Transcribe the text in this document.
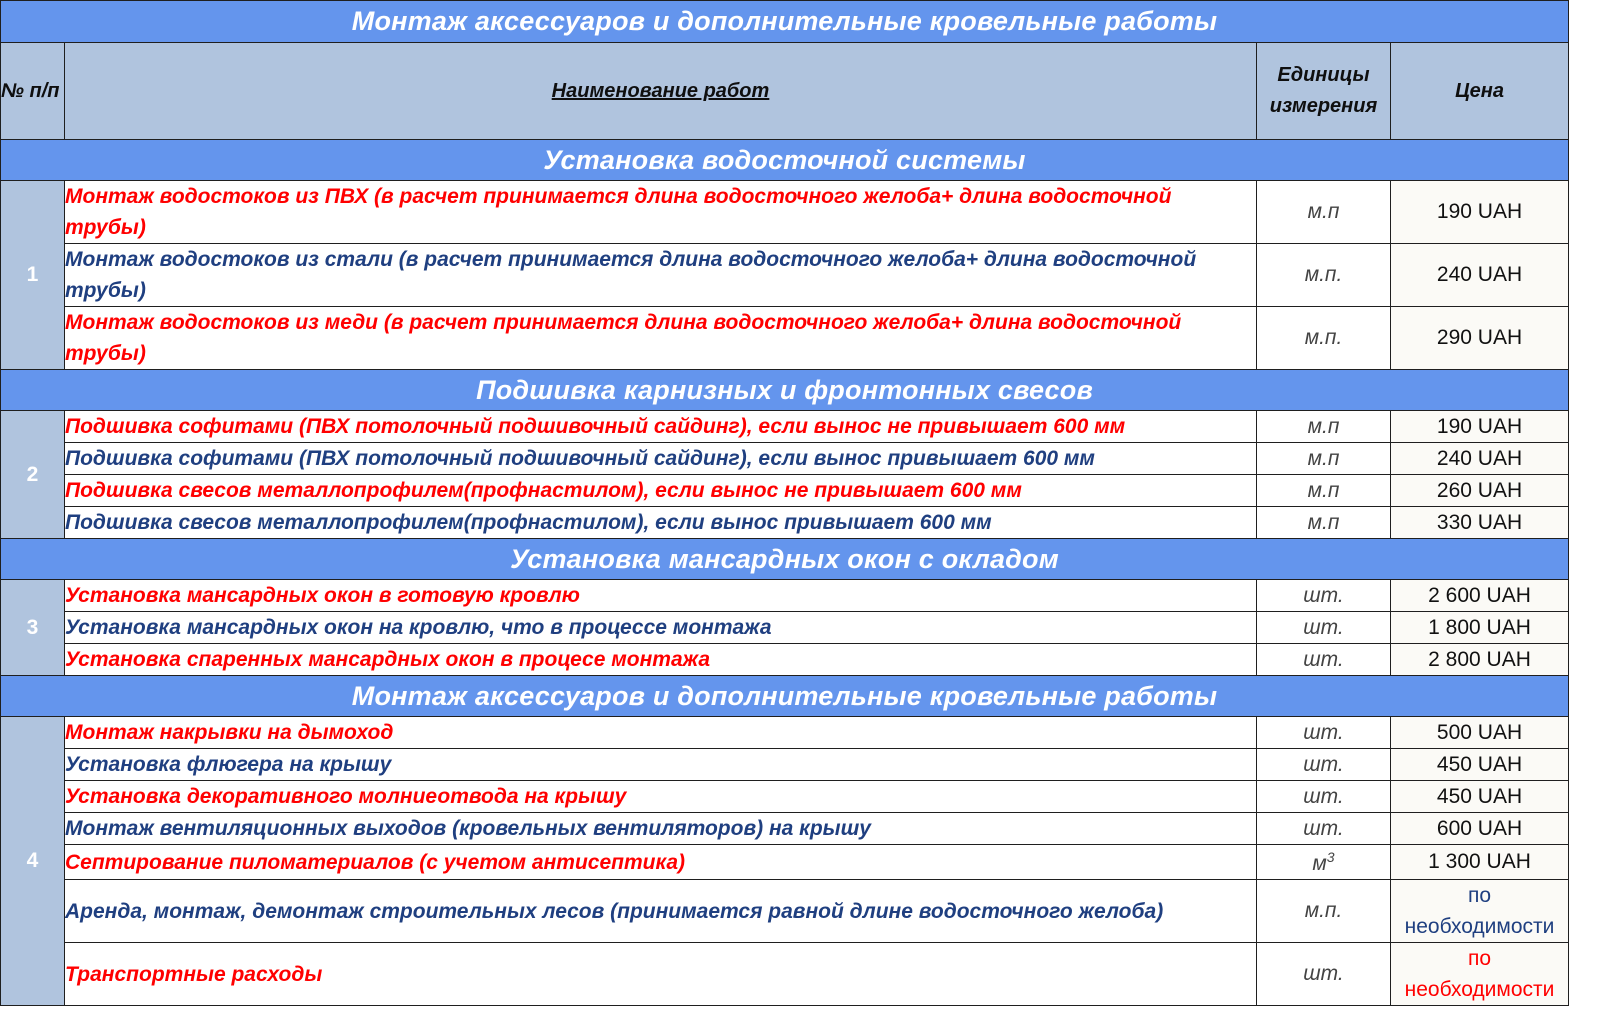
Монтаж аксессуаров и дополнительные кровельные работы			
№ п/п	Наименование работ	Единицы измерения	Цена
Установка водосточной системы			
1	Монтаж водостоков из ПВХ (в расчет принимается длина водосточного желоба+ длина водосточной трубы)	м.п	190 UAH
	Монтаж водостоков из стали (в расчет принимается длина водосточного желоба+ длина водосточной трубы)	м.п.	240 UAH
	Монтаж водостоков из меди (в расчет принимается длина водосточного желоба+ длина водосточной трубы)	м.п.	290 UAH
Подшивка карнизных и фронтонных свесов			
2	Подшивка софитами (ПВХ потолочный подшивочный сайдинг), если вынос не привышает 600 мм	м.п	190 UAH
	Подшивка софитами (ПВХ потолочный подшивочный сайдинг), если вынос привышает 600 мм	м.п	240 UAH
	Подшивка свесов металлопрофилем(профнастилом), если вынос не привышает 600 мм	м.п	260 UAH
	Подшивка свесов металлопрофилем(профнастилом), если вынос привышает 600 мм	м.п	330 UAH
Установка мансардных окон с окладом			
3	Установка мансардных окон в готовую кровлю	шт.	2 600 UAH
	Установка мансардных окон на кровлю, что в процессе монтажа	шт.	1 800 UAH
	Установка спаренных мансардных окон в процесе монтажа	шт.	2 800 UAH
Монтаж аксессуаров и дополнительные кровельные работы			
4	Монтаж накрывки на дымоход	шт.	500 UAH
	Установка флюгера на крышу	шт.	450 UAH
	Установка декоративного молниеотвода на крышу	шт.	450 UAH
	Монтаж вентиляционных выходов (кровельных вентиляторов) на крышу	шт.	600 UAH
	Септирование пиломатериалов (с учетом антисептика)	$м^3$	1 300 UAH
	Аренда, монтаж, демонтаж строительных лесов (принимается равной длине водосточного желоба)	м.п.	по необходимости
	Транспортные расходы	шт.	по необходимости
